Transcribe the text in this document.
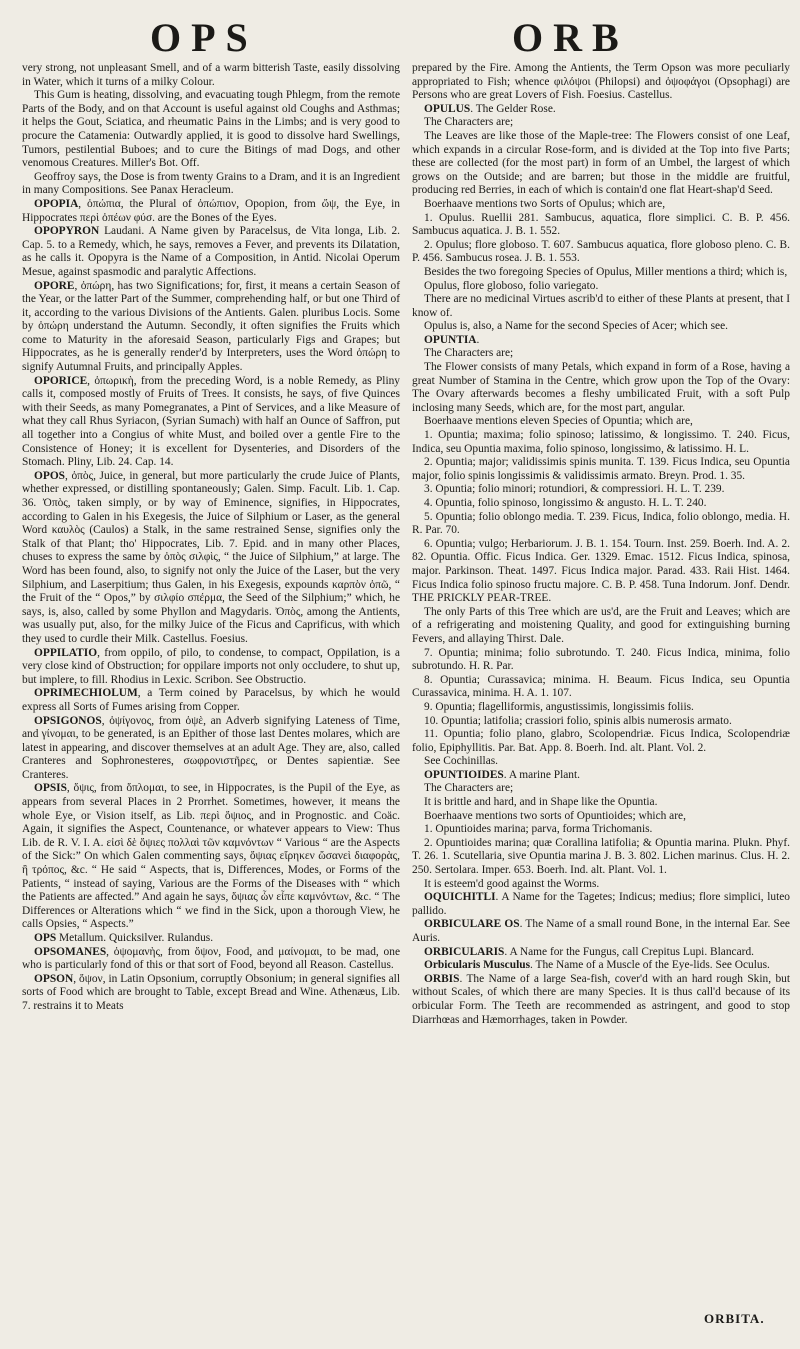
OPS	ORB

very strong, not unpleasant Smell, and of a warm bitterish Taste, easily dissolving in Water, which it turns of a milky Colour.

This Gum is heating, dissolving, and evacuating tough Phlegm, from the remote Parts of the Body, and on that Account is useful against old Coughs and Asthmas; it helps the Gout, Sciatica, and rheumatic Pains in the Limbs; and is very good to procure the Catamenia: Outwardly applied, it is good to dissolve hard Swellings, Tumors, pestilential Buboes; and to cure the Bitings of mad Dogs, and other venomous Creatures. Miller's Bot. Off.

Geoffroy says, the Dose is from twenty Grains to a Dram, and it is an Ingredient in many Compositions. See Panax Heracleum.

OPOPIA, ὀπώπια, the Plural of ὀπώπιον, Opopion, from ὤψ, the Eye, in Hippocrates περὶ ὀπέων φύσ. are the Bones of the Eyes.

OPOPYRON Laudani. A Name given by Paracelsus, de Vita longa, Lib. 2. Cap. 5. to a Remedy, which, he says, removes a Fever, and prevents its Dilatation, as he calls it. Opopyra is the Name of a Composition, in Antid. Nicolai Operum Mesue, against spasmodic and paralytic Affections.

OPORE, ὀπώρη, has two Significations; for, first, it means a certain Season of the Year, or the latter Part of the Summer, comprehending half, or but one Third of it, according to the various Divisions of the Antients. Galen. pluribus Locis. Some by ὀπώρη understand the Autumn. Secondly, it often signifies the Fruits which come to Maturity in the aforesaid Season, particularly Figs and Grapes; but Hippocrates, as he is generally render'd by Interpreters, uses the Word ὀπώρη to signify Autumnal Fruits, and principally Apples.

OPORICE, ὀπωρικὴ, from the preceding Word, is a noble Remedy, as Pliny calls it, composed mostly of Fruits of Trees. It consists, he says, of five Quinces with their Seeds, as many Pomegranates, a Pint of Services, and a like Measure of what they call Rhus Syriacon, (Syrian Sumach) with half an Ounce of Saffron, put all together into a Congius of white Must, and boiled over a gentle Fire to the Consistence of Honey; it is excellent for Dysenteries, and Disorders of the Stomach. Pliny, Lib. 24. Cap. 14.

OPOS, ὀπὸς, Juice, in general, but more particularly the crude Juice of Plants, whether expressed, or distilling spontaneously; Galen. Simp. Facult. Lib. 1. Cap. 36. Ὀπὸς, taken simply, or by way of Eminence, signifies, in Hippocrates, according to Galen in his Exegesis, the Juice of Silphium or Laser, as the general Word καυλὸς (Caulos) a Stalk, in the same restrained Sense, signifies only the Stalk of that Plant; tho' Hippocrates, Lib. 7. Epid. and in many other Places, chuses to express the same by ὀπὸς σιλφὶς, “ the Juice of Silphium,” at large. The Word has been found, also, to signify not only the Juice of the Laser, but the very Silphium, and Laserpitium; thus Galen, in his Exegesis, expounds καρπὸν ὀπῶ, “ the Fruit of the “ Opos,” by σιλφίο σπέρμα, the Seed of the Silphium;” which, he says, is, also, called by some Phyllon and Magydaris. Ὀπὸς, among the Antients, was usually put, also, for the milky Juice of the Ficus and Caprificus, with which they used to curdle their Milk. Castellus. Foesius.

OPPILATIO, from oppilo, of pilo, to condense, to compact, Oppilation, is a very close kind of Obstruction; for oppilare imports not only occludere, to shut up, but implere, to fill. Rhodius in Lexic. Scribon. See Obstructio.

OPRIMECHIOLUM, a Term coined by Paracelsus, by which he would express all Sorts of Fumes arising from Copper.

OPSIGONOS, ὀψίγονος, from ὀψὲ, an Adverb signifying Lateness of Time, and γίνομαι, to be generated, is an Epither of those last Dentes molares, which are latest in appearing, and discover themselves at an adult Age. They are, also, called Cranteres and Sophronesteres, σωφρονιστῆρες, or Dentes sapientiæ. See Cranteres.

OPSIS, ὄψις, from ὄπλομαι, to see, in Hippocrates, is the Pupil of the Eye, as appears from several Places in 2 Prorrhet. Sometimes, however, it means the whole Eye, or Vision itself, as Lib. περὶ ὄψιος, and in Prognostic. and Coäc. Again, it signifies the Aspect, Countenance, or whatever appears to View: Thus Lib. de R. V. I. A. εἰσὶ δὲ ὄψιες πολλαὶ τῶν καμνόντων “ Various “ are the Aspects of the Sick:” On which Galen commenting says, ὄψιας εἴρηκεν ὥσανεὶ διαφορὰς, ἢ τρόπος, &c. “ He said “ Aspects, that is, Differences, Modes, or Forms of the Patients, “ instead of saying, Various are the Forms of the Diseases with “ which the Patients are affected.” And again he says, ὄψιας ὧν εἶπε καμνόντων, &c. “ The Differences or Alterations which “ we find in the Sick, upon a thorough View, he calls Opsies, “ Aspects.”

OPS Metallum. Quicksilver. Rulandus.

OPSOMANES, ὀψομανὴς, from ὄψον, Food, and μαίνομαι, to be mad, one who is particularly fond of this or that sort of Food, beyond all Reason. Castellus.

OPSON, ὄψον, in Latin Opsonium, corruptly Obsonium; in general signifies all sorts of Food which are brought to Table, except Bread and Wine. Athenæus, Lib. 7. restrains it to Meats

prepared by the Fire. Among the Antients, the Term Opson was more peculiarly appropriated to Fish; whence φιλόψοι (Philopsi) and ὀψοφάγοι (Opsophagi) are Persons who are great Lovers of Fish. Foesius. Castellus.

OPULUS. The Gelder Rose.

The Characters are;

The Leaves are like those of the Maple-tree: The Flowers consist of one Leaf, which expands in a circular Rose-form, and is divided at the Top into five Parts; these are collected (for the most part) in form of an Umbel, the largest of which grows on the Outside; and are barren; but those in the middle are fruitful, producing red Berries, in each of which is contain'd one flat Heart-shap'd Seed.

Boerhaave mentions two Sorts of Opulus; which are,

1. Opulus. Ruellii 281. Sambucus, aquatica, flore simplici. C. B. P. 456. Sambucus aquatica. J. B. 1. 552.

2. Opulus; flore globoso. T. 607. Sambucus aquatica, flore globoso pleno. C. B. P. 456. Sambucus rosea. J. B. 1. 553.

Besides the two foregoing Species of Opulus, Miller mentions a third; which is,

Opulus, flore globoso, folio variegato.

There are no medicinal Virtues ascrib'd to either of these Plants at present, that I know of.

Opulus is, also, a Name for the second Species of Acer; which see.

OPUNTIA.

The Characters are;

The Flower consists of many Petals, which expand in form of a Rose, having a great Number of Stamina in the Centre, which grow upon the Top of the Ovary: The Ovary afterwards becomes a fleshy umbilicated Fruit, with a soft Pulp inclosing many Seeds, which are, for the most part, angular.

Boerhaave mentions eleven Species of Opuntia; which are,

1. Opuntia; maxima; folio spinoso; latissimo, & longissimo. T. 240. Ficus, Indica, seu Opuntia maxima, folio spinoso, longissimo, & latissimo. H. L.

2. Opuntia; major; validissimis spinis munita. T. 139. Ficus Indica, seu Opuntia major, folio spinis longissimis & validissimis armato. Breyn. Prod. 1. 35.

3. Opuntia; folio minori; rotundiori, & compressiori. H. L. T. 239.

4. Opuntia, folio spinoso, longissimo & angusto. H. L. T. 240.

5. Opuntia; folio oblongo media. T. 239. Ficus, Indica, folio oblongo, media. H. R. Par. 70.

6. Opuntia; vulgo; Herbariorum. J. B. 1. 154. Tourn. Inst. 259. Boerh. Ind. A. 2. 82. Opuntia. Offic. Ficus Indica. Ger. 1329. Emac. 1512. Ficus Indica, spinosa, major. Parkinson. Theat. 1497. Ficus Indica major. Parad. 433. Raii Hist. 1464. Ficus Indica folio spinoso fructu majore. C. B. P. 458. Tuna Indorum. Jonf. Dendr. THE PRICKLY PEAR-TREE.

The only Parts of this Tree which are us'd, are the Fruit and Leaves; which are of a refrigerating and moistening Quality, and good for extinguishing burning Fevers, and allaying Thirst. Dale.

7. Opuntia; minima; folio subrotundo. T. 240. Ficus Indica, minima, folio subrotundo. H. R. Par.

8. Opuntia; Curassavica; minima. H. Beaum. Ficus Indica, seu Opuntia Curassavica, minima. H. A. 1. 107.

9. Opuntia; flagelliformis, angustissimis, longissimis foliis.

10. Opuntia; latifolia; crassiori folio, spinis albis numerosis armato.

11. Opuntia; folio plano, glabro, Scolopendriæ. Ficus Indica, Scolopendriæ folio, Epiphyllitis. Par. Bat. App. 8. Boerh. Ind. alt. Plant. Vol. 2.

See Cochinillas.

OPUNTIOIDES. A marine Plant.

The Characters are;

It is brittle and hard, and in Shape like the Opuntia.

Boerhaave mentions two sorts of Opuntioides; which are,

1. Opuntioides marina; parva, forma Trichomanis.

2. Opuntioides marina; quæ Corallina latifolia; & Opuntia marina. Plukn. Phyf. T. 26. 1. Scutellaria, sive Opuntia marina J. B. 3. 802. Lichen marinus. Clus. H. 2. 250. Sertolara. Imper. 653. Boerh. Ind. alt. Plant. Vol. 1.

It is esteem'd good against the Worms.

OQUICHITLI. A Name for the Tagetes; Indicus; medius; flore simplici, luteo pallido.

ORBICULARE OS. The Name of a small round Bone, in the internal Ear. See Auris.

ORBICULARIS. A Name for the Fungus, call Crepitus Lupi. Blancard.

Orbicularis Musculus. The Name of a Muscle of the Eye-lids. See Oculus.

ORBIS. The Name of a large Sea-fish, cover'd with an hard rough Skin, but without Scales, of which there are many Species. It is thus call'd because of its orbicular Form. The Teeth are recommended as astringent, and good to stop Diarrhœas and Hæmorrhages, taken in Powder.

ORBITA.
